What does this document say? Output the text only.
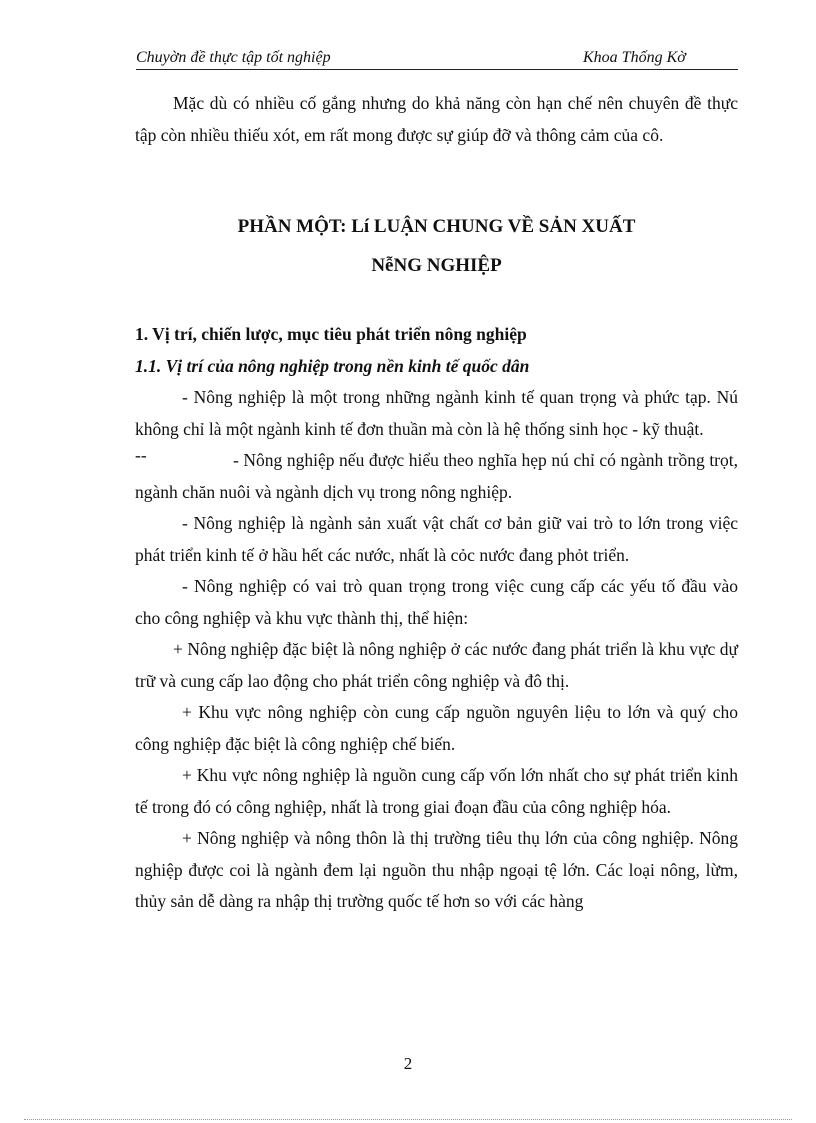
Chuyờn đề thực tập tốt nghiệp	Khoa Thống Kờ

Mặc dù có nhiều cố gắng nhưng do khả năng còn hạn chế nên chuyên đề thực tập còn nhiều thiếu xót, em rất mong được sự giúp đỡ và thông cảm của cô.

PHẦN MỘT: Lí LUẬN CHUNG VỀ SẢN XUẤT
NễNG NGHIỆP

1. Vị trí, chiến lược, mục tiêu phát triển nông nghiệp

1.1. Vị trí của nông nghiệp trong nền kinh tế quốc dân

- Nông nghiệp là một trong những ngành kinh tế quan trọng và phức tạp. Nú không chỉ là một ngành kinh tế đơn thuần mà còn là hệ thống sinh học - kỹ thuật.

--	- Nông nghiệp nếu được hiểu theo nghĩa hẹp nú chỉ có ngành trồng trọt, ngành chăn nuôi và ngành dịch vụ trong nông nghiệp.

- Nông nghiệp là ngành sản xuất vật chất cơ bản giữ vai trò to lớn trong việc phát triển kinh tế ở hầu hết các nước, nhất là cỏc nước đang phỏt triển.

- Nông nghiệp có vai trò quan trọng trong việc cung cấp các yếu tố đầu vào cho công nghiệp và khu vực thành thị, thể hiện:

+ Nông nghiệp đặc biệt là nông nghiệp ở các nước đang phát triển là khu vực dự trữ và cung cấp lao động cho phát triển công nghiệp và đô thị.

+ Khu vực nông nghiệp còn cung cấp nguồn nguyên liệu to lớn và quý cho công nghiệp đặc biệt là công nghiệp chế biến.

+ Khu vực nông nghiệp là nguồn cung cấp vốn lớn nhất cho sự phát triển kinh tế trong đó có công nghiệp, nhất là trong giai đoạn đầu của công nghiệp hóa.

+ Nông nghiệp và nông thôn là thị trường tiêu thụ lớn của công nghiệp. Nông nghiệp được coi là ngành đem lại nguồn thu nhập ngoại tệ lớn. Các loại nông, lừm, thủy sản dễ dàng ra nhập thị trường quốc tế hơn so với các hàng

2
